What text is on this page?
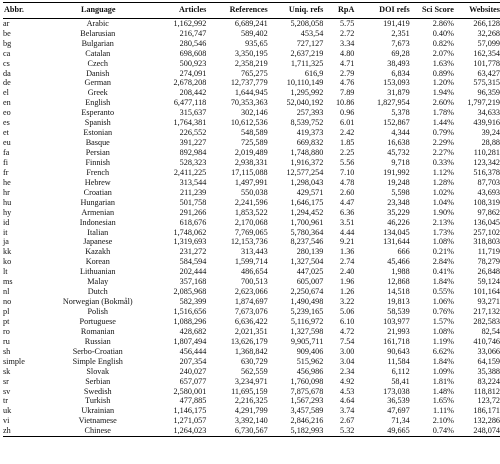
Abbr.	Language	Articles	References	Uniq. refs	RpA	DOI refs	Sci Score	Websites
ar	Arabic	1,162,992	6,689,241	5,208,058	5.75	191,419	2.86%	266,128
be	Belarusian	216,747	589,402	453,54	2.72	2,351	0.40%	32,268
bg	Bulgarian	280,546	935,65	727,127	3.34	7,673	0.82%	57,099
ca	Catalan	698,608	3,350,195	2,637,219	4.80	69,28	2.07%	162,354
cs	Czech	500,923	2,358,219	1,711,325	4.71	38,493	1.63%	101,778
da	Danish	274,091	765,275	616,9	2.79	6,834	0.89%	63,427
de	German	2,678,208	12,737,779	10,110,149	4.76	153,093	1.20%	575,315
el	Greek	208,442	1,644,945	1,295,992	7.89	31,879	1.94%	96,359
en	English	6,477,118	70,353,363	52,040,192	10.86	1,827,954	2.60%	1,797,219
eo	Esperanto	315,637	302,146	257,393	0.96	5,378	1.78%	34,633
es	Spanish	1,764,381	10,612,536	8,539,752	6.01	152,867	1.44%	439,916
et	Estonian	226,552	548,589	419,373	2.42	4,344	0.79%	39,24
eu	Basque	391,227	725,589	669,832	1.85	16,638	2.29%	28,88
fa	Persian	892,984	2,019,489	1,748,880	2.25	45,732	2.27%	110,281
fi	Finnish	528,323	2,938,331	1,916,372	5.56	9,718	0.33%	123,342
fr	French	2,411,225	17,115,088	12,577,254	7.10	191,992	1.12%	516,378
he	Hebrew	313,544	1,497,991	1,298,043	4.78	19,248	1.28%	87,703
hr	Croatian	211,239	550,038	429,571	2.60	5,598	1.02%	43,693
hu	Hungarian	501,758	2,241,596	1,646,175	4.47	23,348	1.04%	108,319
hy	Armenian	291,266	1,853,522	1,294,452	6.36	35,229	1.90%	97,862
id	Indonesian	618,676	2,170,068	1,700,961	3.51	46,226	2.13%	136,045
it	Italian	1,748,062	7,769,065	5,780,364	4.44	134,045	1.73%	257,102
ja	Japanese	1,319,693	12,153,736	8,237,546	9.21	131,644	1.08%	318,803
kk	Kazakh	231,272	313,443	280,139	1.36	666	0.21%	11,719
ko	Korean	584,594	1,599,714	1,327,504	2.74	45,466	2.84%	78,279
lt	Lithuanian	202,444	486,654	447,025	2.40	1,988	0.41%	26,848
ms	Malay	357,168	700,513	605,007	1.96	12,868	1.84%	59,124
nl	Dutch	2,085,968	2,623,066	2,250,674	1.26	14,518	0.55%	101,164
no	Norwegian (Bokmål)	582,399	1,874,697	1,490,498	3.22	19,813	1.06%	93,271
pl	Polish	1,516,656	7,673,076	5,239,165	5.06	58,539	0.76%	217,132
pt	Portuguese	1,088,296	6,636,422	5,116,972	6.10	103,977	1.57%	282,583
ro	Romanian	428,682	2,021,351	1,327,598	4.72	21,993	1.08%	82,54
ru	Russian	1,807,494	13,626,179	9,905,711	7.54	161,718	1.19%	410,746
sh	Serbo-Croatian	456,444	1,368,842	909,406	3.00	90,643	6.62%	33,066
simple	Simple English	207,354	630,729	515,962	3.04	11,584	1.84%	64,159
sk	Slovak	240,027	562,559	456,986	2.34	6,112	1.09%	35,388
sr	Serbian	657,077	3,234,971	1,760,098	4.92	58,41	1.81%	83,224
sv	Swedish	2,580,001	11,695,159	7,875,678	4.53	173,038	1.48%	118,812
tr	Turkish	477,885	2,216,325	1,567,293	4.64	36,539	1.65%	123,72
uk	Ukrainian	1,146,175	4,291,799	3,457,589	3.74	47,697	1.11%	186,171
vi	Vietnamese	1,271,057	3,392,140	2,846,216	2.67	71,34	2.10%	132,286
zh	Chinese	1,264,023	6,730,567	5,182,993	5.32	49,665	0.74%	248,074
